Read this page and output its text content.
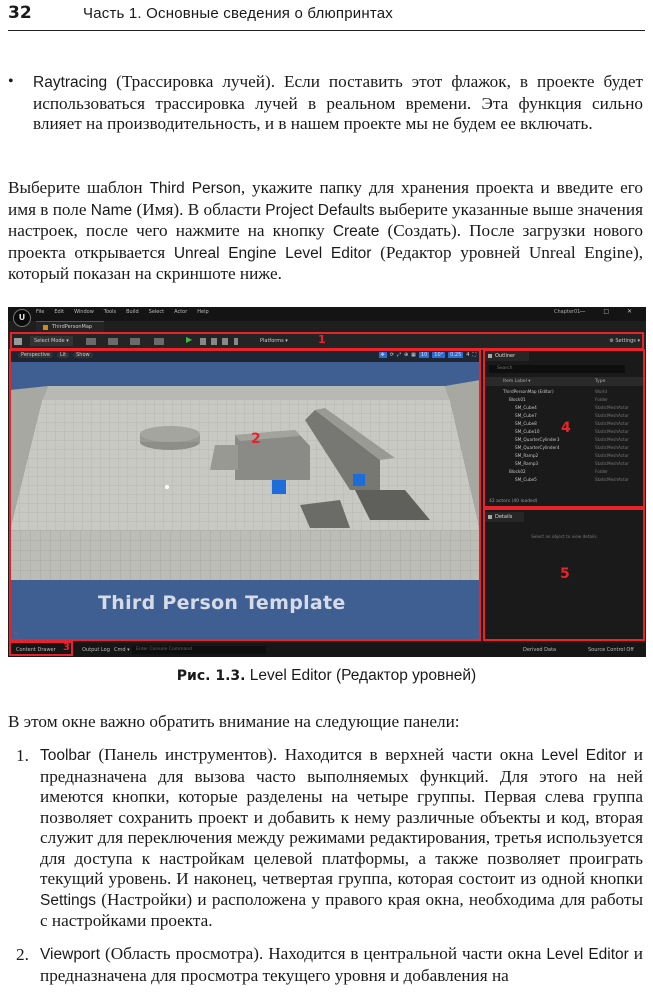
32	Часть 1. Основные сведения о блюпринтах
• Raytracing (Трассировка лучей). Если поставить этот флажок, в проекте будет использоваться трассировка лучей в реальном времени. Эта функция сильно влияет на производительность, и в нашем проекте мы не будем ее включать.

Выберите шаблон Third Person, укажите папку для хранения проекта и введите его имя в поле Name (Имя). В области Project Defaults выберите указанные выше значения настроек, после чего нажмите на кнопку Create (Создать). После загрузки нового проекта открывается Unreal Engine Level Editor (Редактор уровней Unreal Engine), который показан на скриншоте ниже.

U
File Edit Window Tools Build Select Actor Help	Chapter01 — □ ✕
ThirdPersonMap
Select Mode ▾	▶	Platforms ▾	⚙ Settings ▾
Perspective Lit Show	✥ ⟳ ⤢ ⊕ ▦ 10 10° 0.25 4 ⛶
Third Person Template
⊾
Outliner
Search
Item Label ▾	Type
ThirdPersonMap (Editor)	World
Block01	Folder
SM_Cube4	StaticMeshActor
SM_Cube7	StaticMeshActor
SM_Cube8	StaticMeshActor
SM_Cube10	StaticMeshActor
SM_QuarterCylinder3	StaticMeshActor
SM_QuarterCylinder4	StaticMeshActor
SM_Ramp2	StaticMeshActor
SM_Ramp3	StaticMeshActor
Block02	Folder
SM_Cube5	StaticMeshActor
42 actors (40 loaded)
Details
Select an object to view details.
Content Drawer	Output Log Cmd ▾	Enter Console Command	Derived Data	Source Control Off
1
2
3
4
5
Рис. 1.3. Level Editor (Редактор уровней)

В этом окне важно обратить внимание на следующие панели:

1. Toolbar (Панель инструментов). Находится в верхней части окна Level Editor и предназначена для вызова часто выполняемых функций. Для этого на ней имеются кнопки, которые разделены на четыре группы. Первая слева группа позволяет сохранить проект и добавить к нему различные объекты и код, вторая служит для переключения между режимами редактирования, третья используется для доступа к настройкам целевой платформы, а также позволяет проиграть текущий уровень. И наконец, четвертая группа, которая состоит из одной кнопки Settings (Настройки) и расположена у правого края окна, необходима для работы с настройками проекта.

2. Viewport (Область просмотра). Находится в центральной части окна Level Editor и предназначена для просмотра текущего уровня и добавления на
